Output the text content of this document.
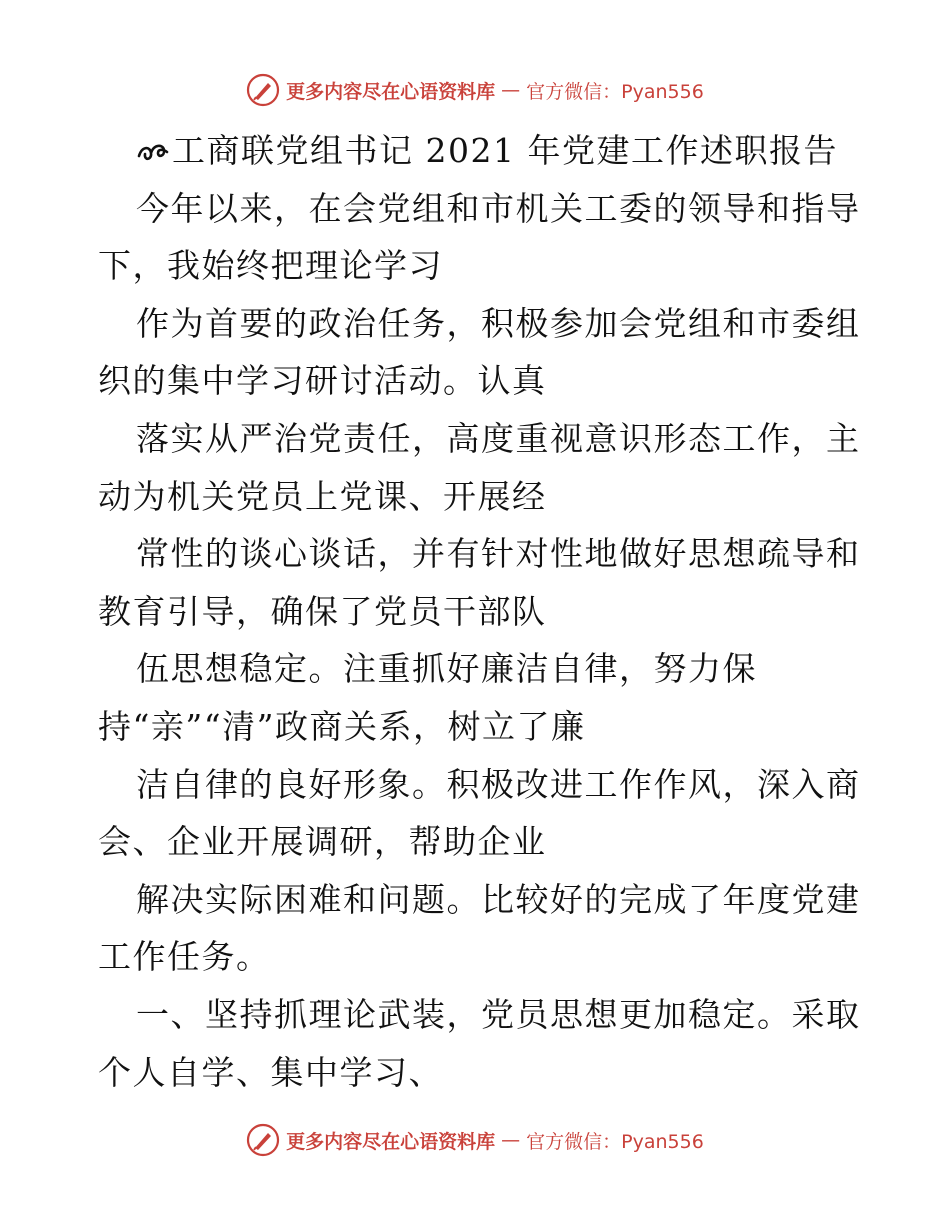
更多内容尽在心语资料库 — 官方微信：Pyan556
工商联党组书记 2021 年党建工作述职报告
今年以来，在会党组和市机关工委的领导和指导
下，我始终把理论学习
作为首要的政治任务，积极参加会党组和市委组
织的集中学习研讨活动。认真
落实从严治党责任，高度重视意识形态工作，主
动为机关党员上党课、开展经
常性的谈心谈话，并有针对性地做好思想疏导和
教育引导，确保了党员干部队
伍思想稳定。注重抓好廉洁自律，努力保
持“亲”“清”政商关系，树立了廉
洁自律的良好形象。积极改进工作作风，深入商
会、企业开展调研，帮助企业
解决实际困难和问题。比较好的完成了年度党建
工作任务。
一、坚持抓理论武装，党员思想更加稳定。采取
个人自学、集中学习、
更多内容尽在心语资料库 — 官方微信：Pyan556
